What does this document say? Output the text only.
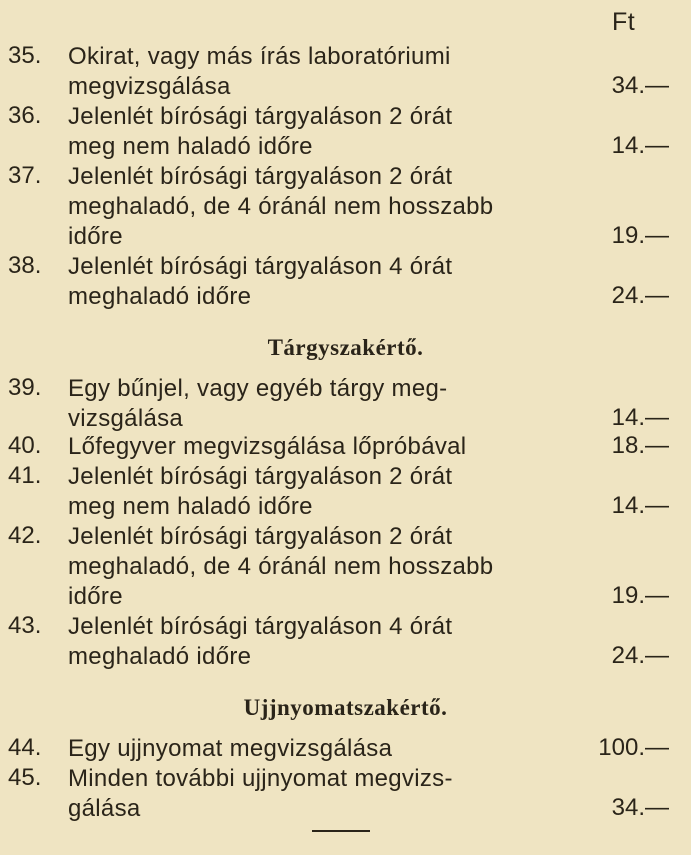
Ft
35. Okirat, vagy más írás laboratóriumi
megvizsgálása	34.—
36. Jelenlét bírósági tárgyaláson 2 órát
meg nem haladó időre	14.—
37. Jelenlét bírósági tárgyaláson 2 órát
meghaladó, de 4 óránál nem hosszabb
időre	19.—
38. Jelenlét bírósági tárgyaláson 4 órát
meghaladó időre	24.—
Tárgyszakértő.
39. Egy bűnjel, vagy egyéb tárgy meg-
vizsgálása	14.—
40. Lőfegyver megvizsgálása lőpróbával	18.—
41. Jelenlét bírósági tárgyaláson 2 órát
meg nem haladó időre	14.—
42. Jelenlét bírósági tárgyaláson 2 órát
meghaladó, de 4 óránál nem hosszabb
időre	19.—
43. Jelenlét bírósági tárgyaláson 4 órát
meghaladó időre	24.—
Ujjnyomatszakértő.
44. Egy ujjnyomat megvizsgálása	100.—
45. Minden további ujjnyomat megvizs-
gálása	34.—
